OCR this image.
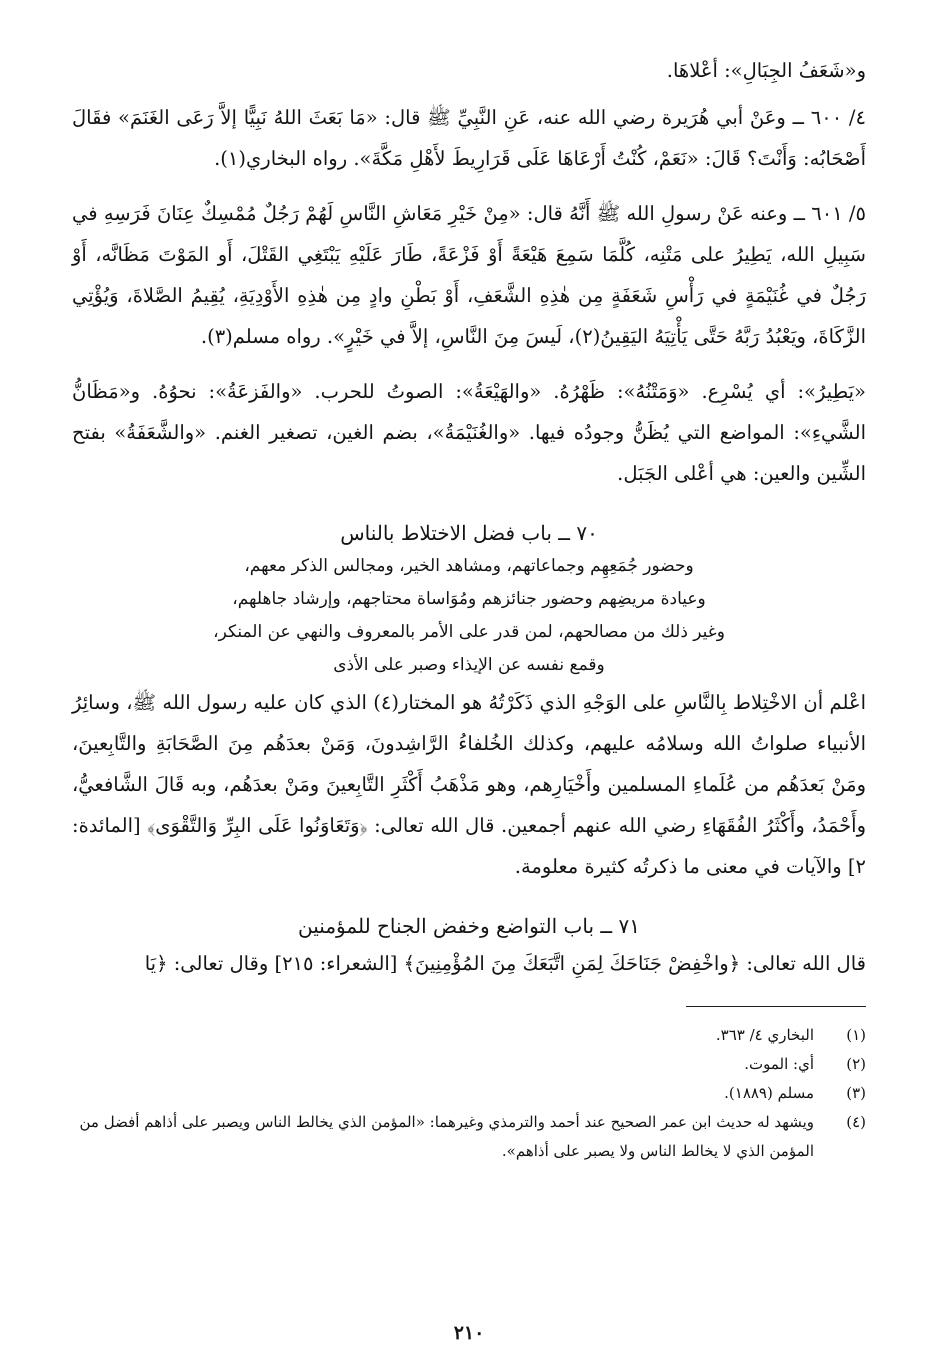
و«شَعَفُ الجِبَالِ»: أعْلاهَا.

٤/ ٦٠٠ ــ وعَنْ أبي هُرَيرة رضي الله عنه، عَنِ النَّبِيِّ ﷺ قال: «مَا بَعَثَ اللهُ نَبِيًّا إلاَّ رَعَى الغَنَمَ» فقَالَ أَصْحَابُه: وَأَنْتَ؟ قَالَ: «نَعَمْ، كُنْتُ أَرْعَاهَا عَلَى قَرَارِيطَ لأَهْلِ مَكَّةَ». رواه البخاري(١).

٥/ ٦٠١ ــ وعنه عَنْ رسولِ الله ﷺ أَنَّهُ قال: «مِنْ خَيْرِ مَعَاشِ النَّاسِ لَهُمْ رَجُلٌ مُمْسِكٌ عِنَانَ فَرَسِهِ في سَبِيلِ الله، يَطِيرُ على مَتْنِه، كُلَّمَا سَمِعَ هَيْعَةً أَوْ فَزْعَةً، طَارَ عَلَيْهِ يَبْتَغِي القَتْلَ، أَو المَوْتَ مَظَانَّه، أَوْ رَجُلٌ في غُنَيْمَةٍ في رَأْسِ شَعَفَةٍ مِن هٰذِهِ الشَّعَفِ، أَوْ بَطْنِ وادٍ مِن هٰذِهِ الأَوْدِيَةِ، يُقِيمُ الصَّلاةَ، وَيُؤْتِي الزَّكَاةَ، ويَعْبُدُ رَبَّهُ حَتَّى يَأْتِيَهُ اليَقِينُ(٢)، لَيسَ مِنَ النَّاسِ، إلاَّ في خَيْرٍ». رواه مسلم(٣).

«يَطِيرُ»: أي يُسْرِع. «وَمَتْنُهُ»: ظَهْرُهُ. «والهَيْعَةُ»: الصوتُ للحرب. «والفَزعَةُ»: نحوُهُ. و«مَظَانُّ الشَّيءِ»: المواضع التي يُظَنُّ وجودُه فيها. «والغُنَيْمَةُ»، بضم الغين، تصغير الغنم. «والشَّعَفَةُ» بفتح الشِّين والعين: هي أعْلى الجَبَل.

٧٠ ــ باب فضل الاختلاط بالناس
وحضور جُمَعِهِم وجماعاتهم، ومشاهد الخير، ومجالس الذكر معهم،
وعيادة مريضِهم وحضور جنائزهم ومُوَاساة محتاجهم، وإرشاد جاهلهم،
وغير ذلك من مصالحهم، لمن قدر على الأمر بالمعروف والنهي عن المنكر،
وقمع نفسه عن الإيذاء وصبر على الأذى

اعْلم أن الاخْتِلاط بِالنَّاسِ على الوَجْهِ الذي ذَكَرْتُهُ هو المختار(٤) الذي كان عليه رسول الله ﷺ، وسائِرُ الأنبياء صلواتُ الله وسلامُه عليهم، وكذلك الخُلفاءُ الرَّاشِدونَ، وَمَنْ بعدَهُم مِنَ الصَّحَابَةِ والتَّابِعينَ، ومَنْ بَعدَهُم من عُلَماءِ المسلمين وأَخْيَارِهم، وهو مَذْهَبُ أَكْثَرِ التَّابِعينَ ومَنْ بعدَهُم، وبه قَالَ الشَّافعيُّ، وأَحْمَدُ، وأَكْثَرُ الفُقَهَاءِ رضي الله عنهم أجمعين. قال الله تعالى: ﴿وَتَعَاوَنُوا عَلَى البِرِّ وَالتَّقْوَى﴾ [المائدة: ٢] والآيات في معنى ما ذكرتُه كثيرة معلومة.

٧١ ــ باب التواضع وخفض الجناح للمؤمنين

قال الله تعالى: ﴿واخْفِضْ جَنَاحَكَ لِمَنِ اتَّبَعَكَ مِنَ المُؤْمِنِينَ﴾ [الشعراء: ٢١٥] وقال تعالى: ﴿يَا

(١)
البخاري ٤/ ٣٦٣.
(٢)
أي: الموت.
(٣)
مسلم (١٨٨٩).
(٤)
ويشهد له حديث ابن عمر الصحيح عند أحمد والترمذي وغيرهما: «المؤمن الذي يخالط الناس ويصبر على أذاهم أفضل من المؤمن الذي لا يخالط الناس ولا يصبر على أذاهم».
٢١٠
